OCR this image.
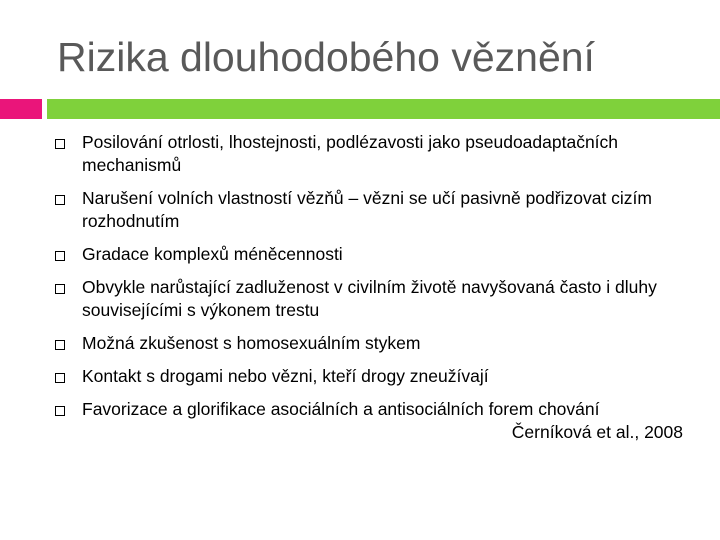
Rizika dlouhodobého věznění
Posilování otrlosti, lhostejnosti, podlézavosti jako pseudoadaptačních mechanismů
Narušení volních vlastností vězňů – vězni se učí pasivně podřizovat cizím rozhodnutím
Gradace komplexů méněcennosti
Obvykle narůstající zadluženost v civilním životě navyšovaná často i dluhy souvisejícími s výkonem trestu
Možná zkušenost s homosexuálním stykem
Kontakt s drogami nebo vězni, kteří drogy zneužívají
Favorizace a glorifikace asociálních a antisociálních forem chování
Černíková et al., 2008
